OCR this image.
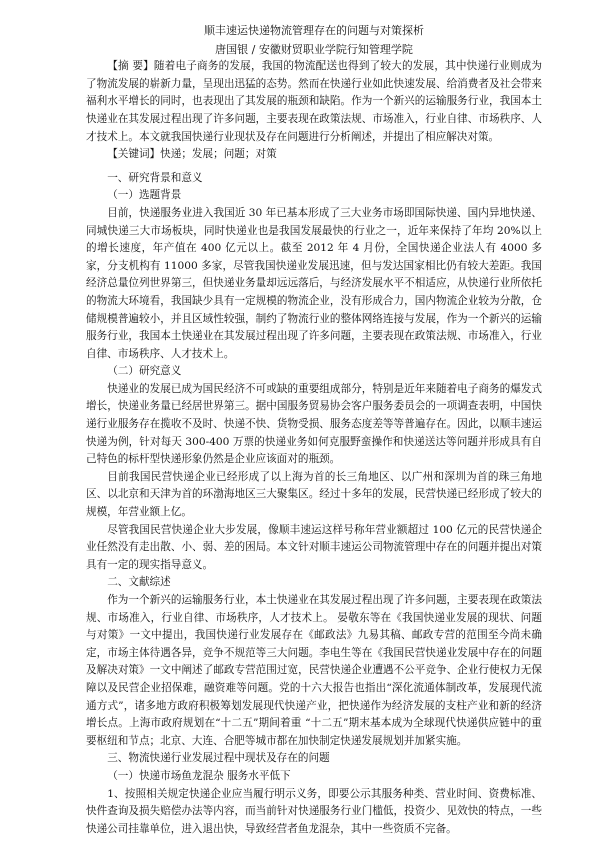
顺丰速运快递物流管理存在的问题与对策探析
唐国银 / 安徽财贸职业学院行知管理学院

【摘 要】随着电子商务的发展，我国的物流配送也得到了较大的发展，其中快递行业则成为了物流发展的崭新力量，呈现出迅猛的态势。然而在快递行业如此快速发展、给消费者及社会带来福利水平增长的同时，也表现出了其发展的瓶颈和缺陷。作为一个新兴的运输服务行业，我国本土快递业在其发展过程出现了许多问题，主要表现在政策法规、市场准入，行业自律、市场秩序、人才技术上。本文就我国快递行业现状及存在问题进行分析阐述，并提出了相应解决对策。

【关键词】快递；发展；问题；对策

一、研究背景和意义

（一）选题背景

目前，快递服务业进入我国近 30 年已基本形成了三大业务市场即国际快递、国内异地快递、同城快递三大市场板块，同时快递业也是我国发展最快的行业之一，近年来保持了年均 20%以上的增长速度，年产值在 400 亿元以上。截至 2012 年 4 月份，全国快递企业法人有 4000 多家，分支机构有 11000 多家，尽管我国快递业发展迅速，但与发达国家相比仍有较大差距。我国经济总量位列世界第三，但快递业务量却远远落后，与经济发展水平不相适应，从快递行业所依托的物流大环境看，我国缺少具有一定规模的物流企业，没有形成合力，国内物流企业较为分散，仓储规模普遍较小，并且区域性较强，制约了物流行业的整体网络连接与发展，作为一个新兴的运输服务行业，我国本土快递业在其发展过程出现了许多问题，主要表现在政策法规、市场准入，行业自律、市场秩序、人才技术上。

（二）研究意义

快递业的发展已成为国民经济不可或缺的重要组成部分，特别是近年来随着电子商务的爆发式增长，快递业务量已经居世界第三。据中国服务贸易协会客户服务委员会的一项调查表明，中国快递行业服务存在揽收不及时、快递不快、货物受损、服务态度差等等普遍存在。因此，以顺丰速运快递为例，针对每天 300-400 万票的快递业务如何克服野蛮操作和快递送达等问题并形成具有自己特色的标杆型快递形象仍然是企业应该面对的瓶颈。

目前我国民营快递企业已经形成了以上海为首的长三角地区、以广州和深圳为首的珠三角地区、以北京和天津为首的环渤海地区三大聚集区。经过十多年的发展，民营快递已经形成了较大的规模，年营业额上亿。

尽管我国民营快递企业大步发展，像顺丰速运这样号称年营业额超过 100 亿元的民营快递企业任然没有走出散、小、弱、差的困局。本文针对顺丰速运公司物流管理中存在的问题并提出对策具有一定的现实指导意义。

二、文献综述

作为一个新兴的运输服务行业，本土快递业在其发展过程出现了许多问题，主要表现在政策法规、市场准入，行业自律、市场秩序，人才技术上。 晏敬东等在《我国快递业发展的现状、问题与对策》一文中提出，我国快递行业发展存在《邮政法》九易其稿、邮政专营的范围至今尚未确定，市场主体待遇各异，竞争不规范等三大问题。李电生等在《我国民营快递业发展中存在的问题及解决对策》一文中阐述了邮政专营范围过宽，民营快递企业遭遇不公平竞争、企业行使权力无保障以及民营企业招保难，融资难等问题。党的十六大报告也指出“深化流通体制改革，发展现代流通方式”，诸多地方政府积极筹划发展现代快递产业，把快递作为经济发展的支柱产业和新的经济增长点。上海市政府规划在“十二五”期间着重 “十二五”期末基本成为全球现代快递供应链中的重要枢纽和节点；北京、大连、合肥等城市都在加快制定快递发展规划并加紧实施。

三、物流快递行业发展过程中现状及存在的问题

（一）快递市场鱼龙混杂 服务水平低下

1、按照相关规定快递企业应当履行明示义务，即要公示其服务种类、营业时间、资费标准、快件查询及损失赔偿办法等内容，而当前针对快递服务行业门槛低，投资少、见效快的特点，一些快递公司挂靠单位，进入退出快，导致经营者鱼龙混杂，其中一些资质不完备。
